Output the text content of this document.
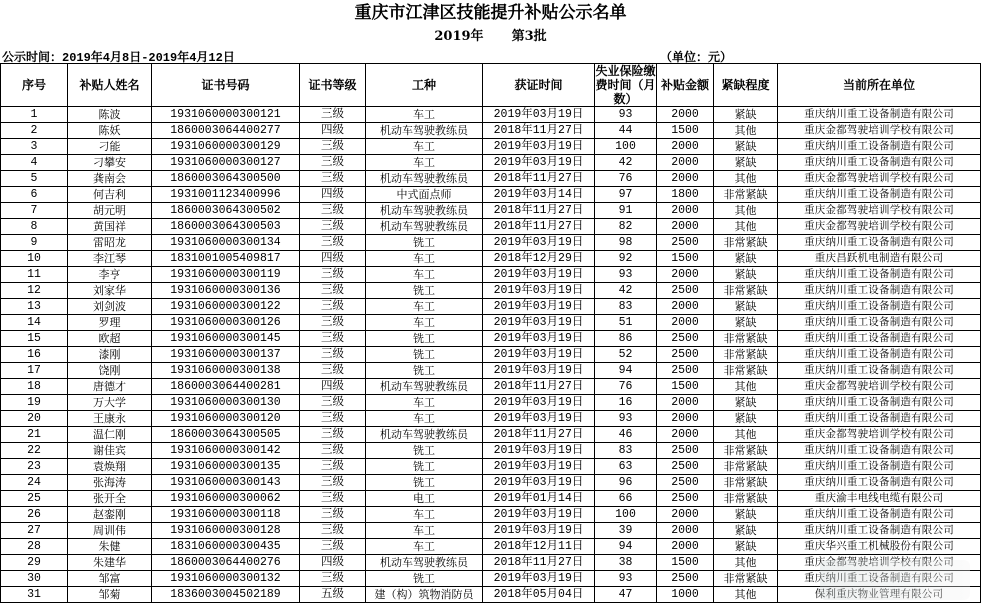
重庆市江津区技能提升补贴公示名单
2019年 第3批
公示时间：2019年4月8日-2019年4月12日	（单位：元）
序号	补贴人姓名	证书号码	证书等级	工种	获证时间	失业保险缴费时间（月数）	补贴金额	紧缺程度	当前所在单位
1	陈波	1931060000300121	三级	车工	2019年03月19日	93	2000	紧缺	重庆纳川重工设备制造有限公司
2	陈妖	1860003064400277	四级	机动车驾驶教练员	2018年11月27日	44	1500	其他	重庆金都驾驶培训学校有限公司
3	刁能	1931060000300129	三级	车工	2019年03月19日	100	2000	紧缺	重庆纳川重工设备制造有限公司
4	刁攀安	1931060000300127	三级	车工	2019年03月19日	42	2000	紧缺	重庆纳川重工设备制造有限公司
5	龚南会	1860003064300500	三级	机动车驾驶教练员	2018年11月27日	76	2000	其他	重庆金都驾驶培训学校有限公司
6	何吉利	1931001123400996	四级	中式面点师	2019年03月14日	97	1800	非常紧缺	重庆纳川重工设备制造有限公司
7	胡元明	1860003064300502	三级	机动车驾驶教练员	2018年11月27日	91	2000	其他	重庆金都驾驶培训学校有限公司
8	黄国祥	1860003064300503	三级	机动车驾驶教练员	2018年11月27日	82	2000	其他	重庆金都驾驶培训学校有限公司
9	雷昭龙	1931060000300134	三级	铣工	2019年03月19日	98	2500	非常紧缺	重庆纳川重工设备制造有限公司
10	李江琴	1831001005409817	四级	车工	2018年12月29日	92	1500	紧缺	重庆昌跃机电制造有限公司
11	李亨	1931060000300119	三级	车工	2019年03月19日	93	2000	紧缺	重庆纳川重工设备制造有限公司
12	刘家华	1931060000300136	三级	铣工	2019年03月19日	42	2500	非常紧缺	重庆纳川重工设备制造有限公司
13	刘剑波	1931060000300122	三级	车工	2019年03月19日	83	2000	紧缺	重庆纳川重工设备制造有限公司
14	罗理	1931060000300126	三级	车工	2019年03月19日	51	2000	紧缺	重庆纳川重工设备制造有限公司
15	欧超	1931060000300145	三级	铣工	2019年03月19日	86	2500	非常紧缺	重庆纳川重工设备制造有限公司
16	漆刚	1931060000300137	三级	铣工	2019年03月19日	52	2500	非常紧缺	重庆纳川重工设备制造有限公司
17	饶刚	1931060000300138	三级	铣工	2019年03月19日	94	2500	非常紧缺	重庆纳川重工设备制造有限公司
18	唐德才	1860003064400281	四级	机动车驾驶教练员	2018年11月27日	76	1500	其他	重庆金都驾驶培训学校有限公司
19	万大学	1931060000300130	三级	车工	2019年03月19日	16	2000	紧缺	重庆纳川重工设备制造有限公司
20	王康永	1931060000300120	三级	车工	2019年03月19日	93	2000	紧缺	重庆纳川重工设备制造有限公司
21	温仁刚	1860003064300505	三级	机动车驾驶教练员	2018年11月27日	46	2000	其他	重庆金都驾驶培训学校有限公司
22	谢佳宾	1931060000300142	三级	铣工	2019年03月19日	83	2500	非常紧缺	重庆纳川重工设备制造有限公司
23	袁焕翔	1931060000300135	三级	铣工	2019年03月19日	63	2500	非常紧缺	重庆纳川重工设备制造有限公司
24	张海涛	1931060000300143	三级	铣工	2019年03月19日	96	2500	非常紧缺	重庆纳川重工设备制造有限公司
25	张开全	1931060000300062	三级	电工	2019年01月14日	66	2500	非常紧缺	重庆渝丰电线电缆有限公司
26	赵銮刚	1931060000300118	三级	车工	2019年03月19日	100	2000	紧缺	重庆纳川重工设备制造有限公司
27	周训伟	1931060000300128	三级	车工	2019年03月19日	39	2000	紧缺	重庆纳川重工设备制造有限公司
28	朱健	1831060000300435	三级	车工	2018年12月11日	94	2000	紧缺	重庆华兴重工机械股份有限公司
29	朱建华	1860003064400276	四级	机动车驾驶教练员	2018年11月27日	38	1500	其他	重庆金都驾驶培训学校有限公司
30	邹富	1931060000300132	三级	铣工	2019年03月19日	93	2500	非常紧缺	重庆纳川重工设备制造有限公司
31	邹菊	1836003004502189	五级	建（构）筑物消防员	2018年05月04日	47	1000	其他	保利重庆物业管理有限公司
